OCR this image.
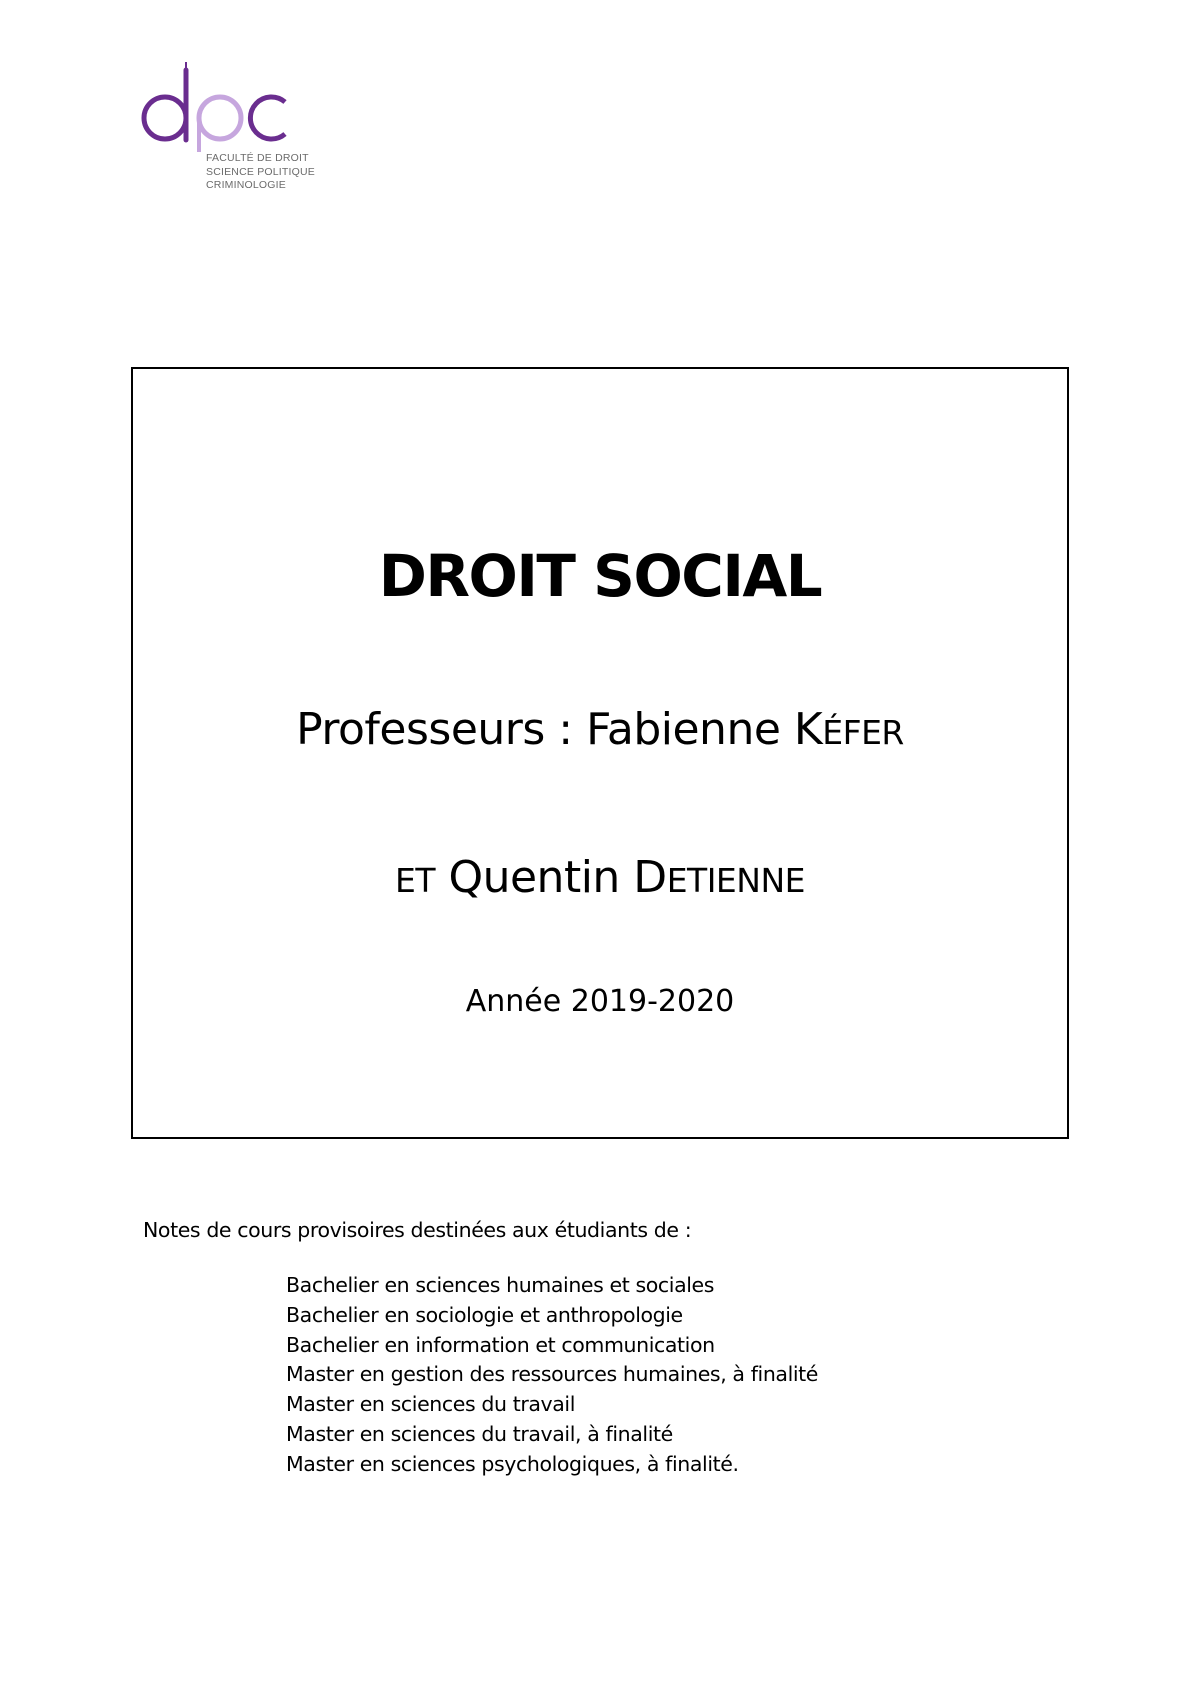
FACULTÉ DE DROIT
SCIENCE POLITIQUE
CRIMINOLOGIE
DROIT SOCIAL
Professeurs : Fabienne KÉFER
ET Quentin DETIENNE
Année 2019-2020
Notes de cours provisoires destinées aux étudiants de :
Bachelier en sciences humaines et sociales
Bachelier en sociologie et anthropologie
Bachelier en information et communication
Master en gestion des ressources humaines, à finalité
Master en sciences du travail
Master en sciences du travail, à finalité
Master en sciences psychologiques, à finalité.
